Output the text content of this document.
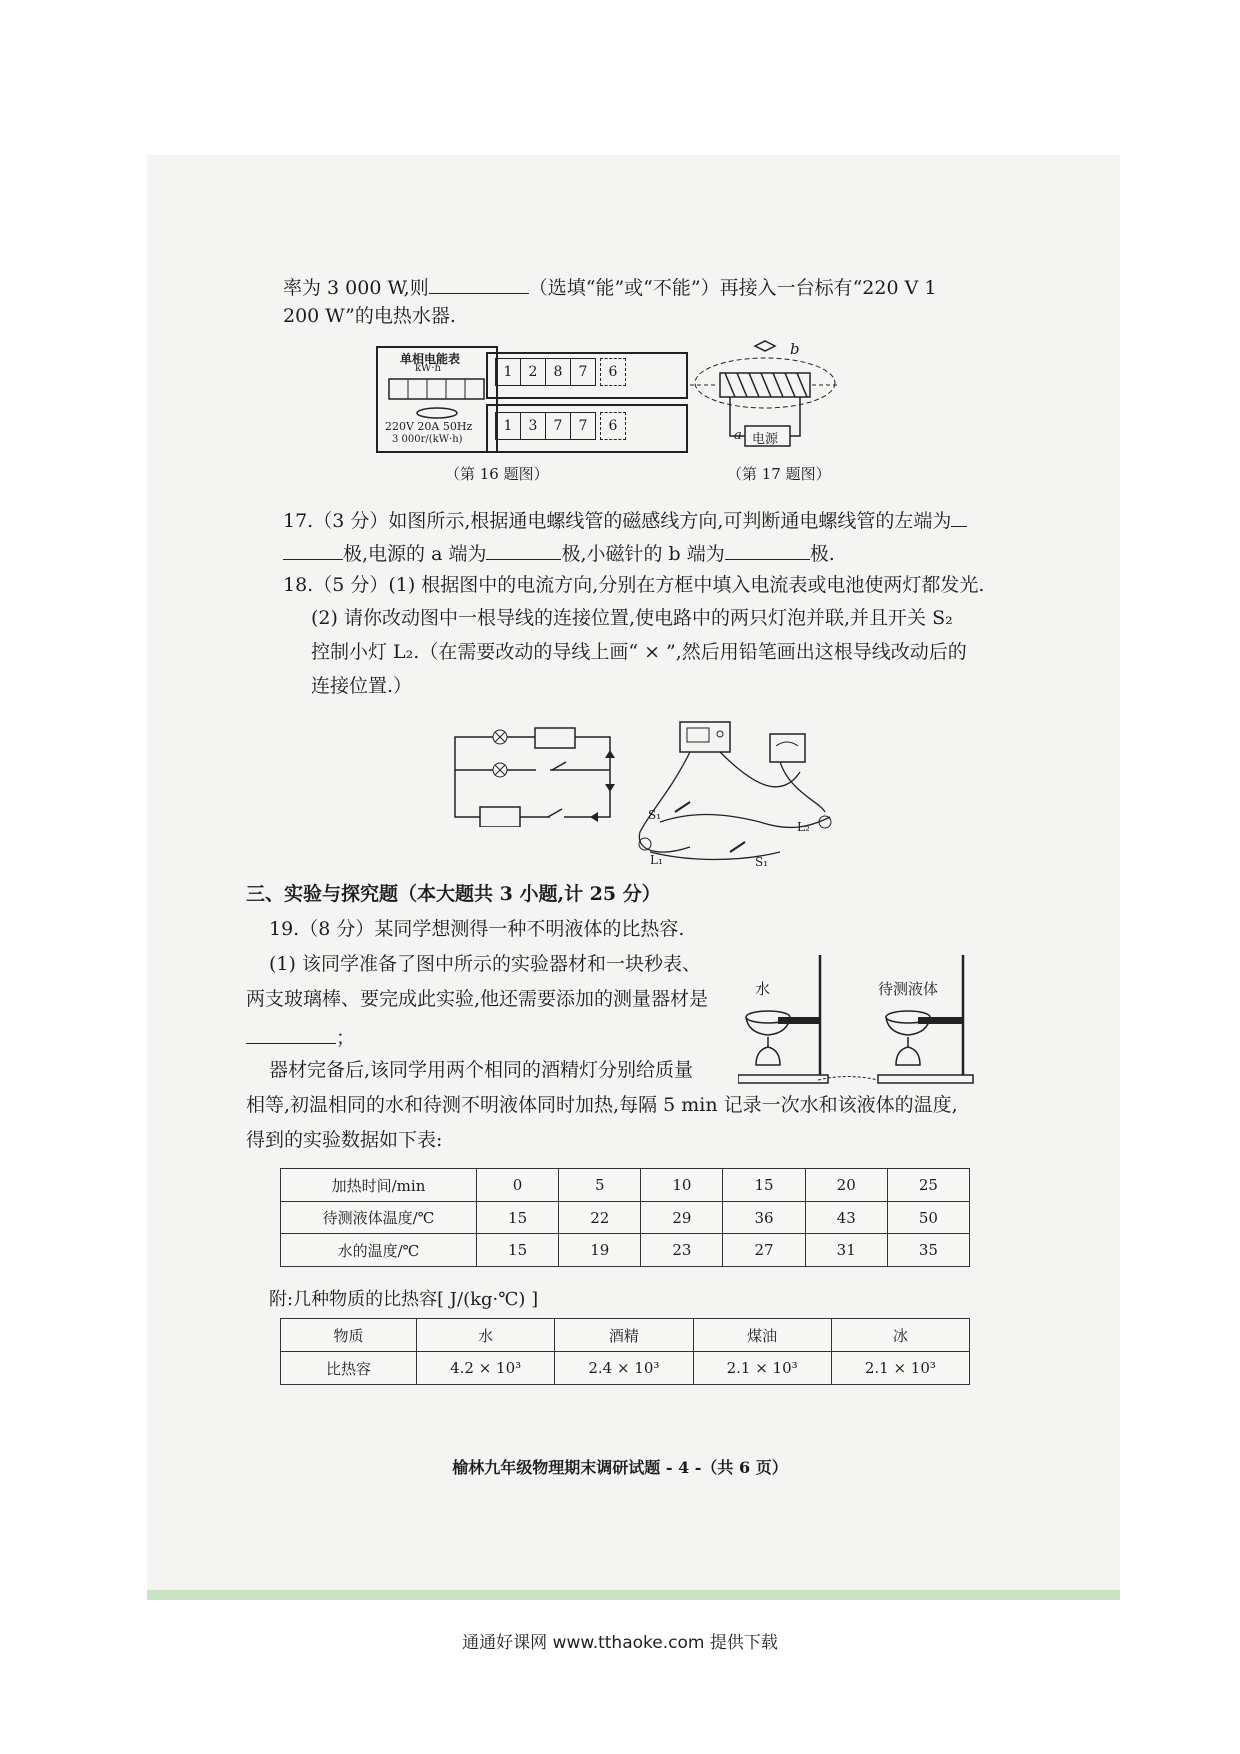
率为 3 000 W,则	（选填“能”或“不能”）再接入一台标有“220 V 1
200 W”的电热水器.
单相电能表
kW·h
220V 20A 50Hz
3 000r/(kW·h)
1	2	8	7	6
1	3	7	7	6
b
a 电源
（第 16 题图）	（第 17 题图）
17.（3 分）如图所示,根据通电螺线管的磁感线方向,可判断通电螺线管的左端为
极,电源的 a 端为	极,小磁针的 b 端为	极.
18.（5 分）(1) 根据图中的电流方向,分别在方框中填入电流表或电池使两灯都发光.
(2) 请你改动图中一根导线的连接位置,使电路中的两只灯泡并联,并且开关 S₂
控制小灯 L₂.（在需要改动的导线上画“ × ”,然后用铅笔画出这根导线改动后的
连接位置.）
S₁
L₂
L₁	S₁
三、实验与探究题（本大题共 3 小题,计 25 分）
19.（8 分）某同学想测得一种不明液体的比热容.
(1) 该同学准备了图中所示的实验器材和一块秒表、
两支玻璃棒、要完成此实验,他还需要添加的测量器材是
；
器材完备后,该同学用两个相同的酒精灯分别给质量
相等,初温相同的水和待测不明液体同时加热,每隔 5 min 记录一次水和该液体的温度,
得到的实验数据如下表:
水	待测液体
加热时间/min	0	5	10	15	20	25
待测液体温度/℃	15	22	29	36	43	50
水的温度/℃	15	19	23	27	31	35
附:几种物质的比热容[ J/(kg·℃) ]
物质	水	酒精	煤油	冰
比热容	4.2 × 10³	2.4 × 10³	2.1 × 10³	2.1 × 10³
榆林九年级物理期末调研试题 - 4 -（共 6 页）
通通好课网 www.tthaoke.com 提供下载
